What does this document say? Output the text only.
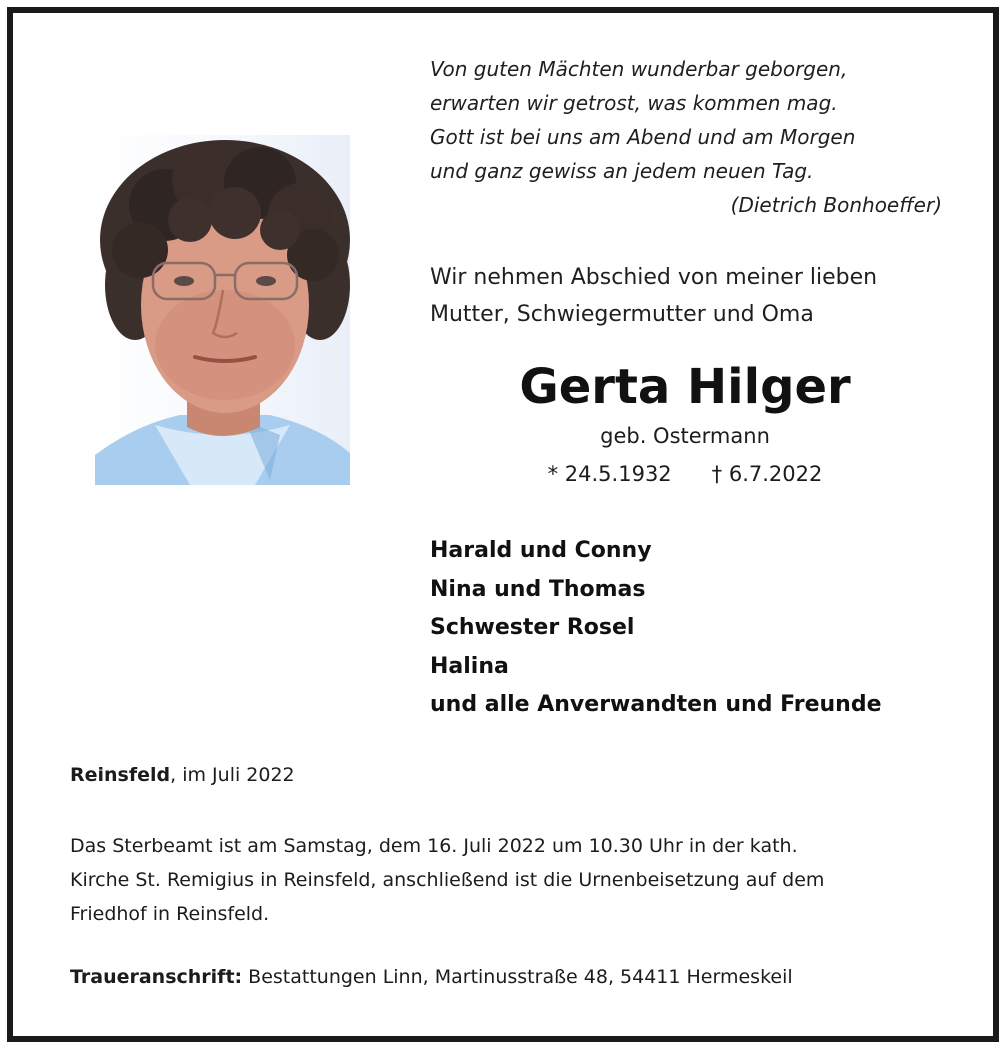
Von guten Mächten wunderbar geborgen,
erwarten wir getrost, was kommen mag.
Gott ist bei uns am Abend und am Morgen
und ganz gewiss an jedem neuen Tag.
(Dietrich Bonhoeffer)
Wir nehmen Abschied von meiner lieben
Mutter, Schwiegermutter und Oma
Gerta Hilger
geb. Ostermann
* 24.5.1932 † 6.7.2022
Harald und Conny
Nina und Thomas
Schwester Rosel
Halina
und alle Anverwandten und Freunde
Reinsfeld, im Juli 2022
Das Sterbeamt ist am Samstag, dem 16. Juli 2022 um 10.30 Uhr in der kath.
Kirche St. Remigius in Reinsfeld, anschließend ist die Urnenbeisetzung auf dem
Friedhof in Reinsfeld.
Traueranschrift: Bestattungen Linn, Martinusstraße 48, 54411 Hermeskeil
